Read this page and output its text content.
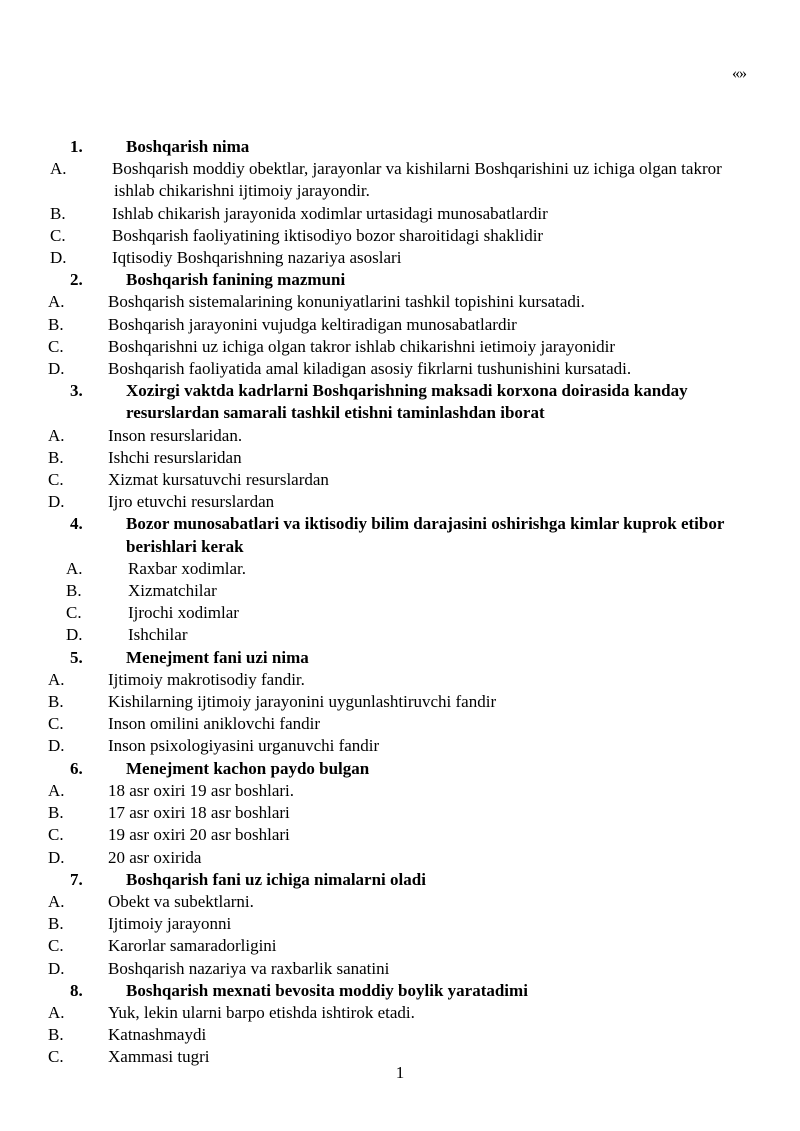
«»
1.	Boshqarish nima
A.	Boshqarish moddiy obektlar, jarayonlar va kishilarni Boshqarishini uz ichiga olgan takror ishlab chikarishni ijtimoiy jarayondir.
B.	Ishlab chikarish jarayonida xodimlar urtasidagi munosabatlardir
C.	Boshqarish faoliyatining iktisodiyo bozor sharoitidagi shaklidir
D.	Iqtisodiy Boshqarishning nazariya asoslari
2.	Boshqarish fanining mazmuni
A.	Boshqarish sistemalarining konuniyatlarini tashkil topishini kursatadi.
B.	Boshqarish jarayonini vujudga keltiradigan munosabatlardir
C.	Boshqarishni uz ichiga olgan takror ishlab chikarishni ietimoiy jarayonidir
D.	Boshqarish faoliyatida amal kiladigan asosiy fikrlarni tushunishini kursatadi.
3.	Xozirgi vaktda kadrlarni Boshqarishning maksadi korxona doirasida kanday resurslardan samarali tashkil etishni taminlashdan iborat
A.	Inson resurslaridan.
B.	Ishchi resurslaridan
C.	Xizmat kursatuvchi resurslardan
D.	Ijro etuvchi resurslardan
4.	Bozor munosabatlari va iktisodiy bilim darajasini oshirishga kimlar kuprok etibor berishlari kerak
A.	Raxbar xodimlar.
B.	Xizmatchilar
C.	Ijrochi xodimlar
D.	Ishchilar
5.	Menejment fani uzi nima
A.	Ijtimoiy makrotisodiy fandir.
B.	Kishilarning ijtimoiy jarayonini uygunlashtiruvchi fandir
C.	Inson omilini aniklovchi fandir
D.	Inson psixologiyasini urganuvchi fandir
6.	Menejment kachon paydo bulgan
A.	18 asr oxiri 19 asr boshlari.
B.	17 asr oxiri 18 asr boshlari
C.	19 asr oxiri 20 asr boshlari
D.	20 asr oxirida
7.	Boshqarish fani uz ichiga nimalarni oladi
A.	Obekt va subektlarni.
B.	Ijtimoiy jarayonni
C.	Karorlar samaradorligini
D.	Boshqarish nazariya va raxbarlik sanatini
8.	Boshqarish mexnati bevosita moddiy boylik yaratadimi
A.	Yuk, lekin ularni barpo etishda ishtirok etadi.
B.	Katnashmaydi
C.	Xammasi tugri
1
